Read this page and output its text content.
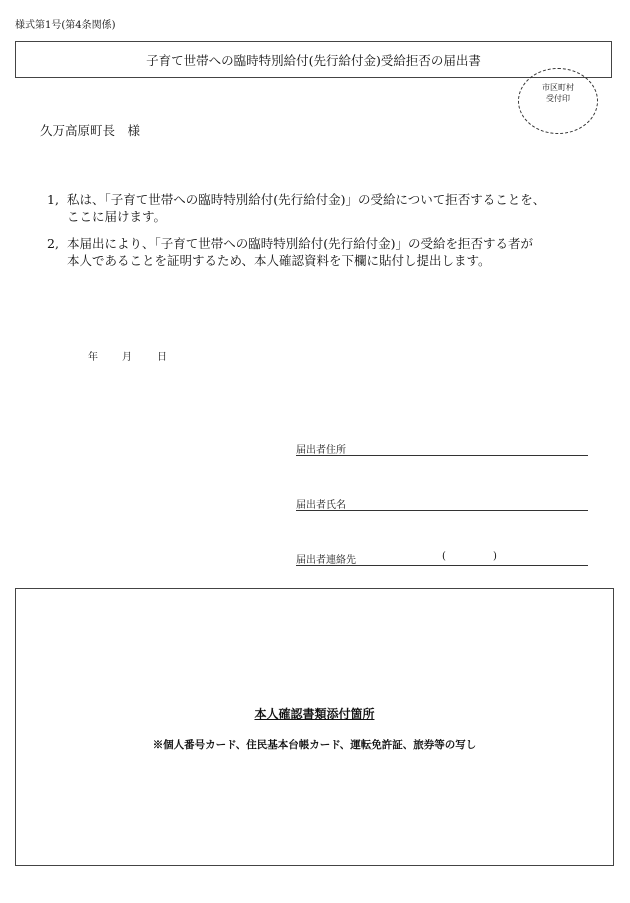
様式第1号(第4条関係)
子育て世帯への臨時特別給付(先行給付金)受給拒否の届出書
市区町村
受付印
久万高原町長　様
1, 私は、「子育て世帯への臨時特別給付(先行給付金)」の受給について拒否することを、
ここに届けます。
2, 本届出により、「子育て世帯への臨時特別給付(先行給付金)」の受給を拒否する者が
本人であることを証明するため、本人確認資料を下欄に貼付し提出します。
年 月	日
届出者住所
届出者氏名
届出者連絡先	(	)
本人確認書類添付箇所
※個人番号カード、住民基本台帳カード、運転免許証、旅券等の写し
